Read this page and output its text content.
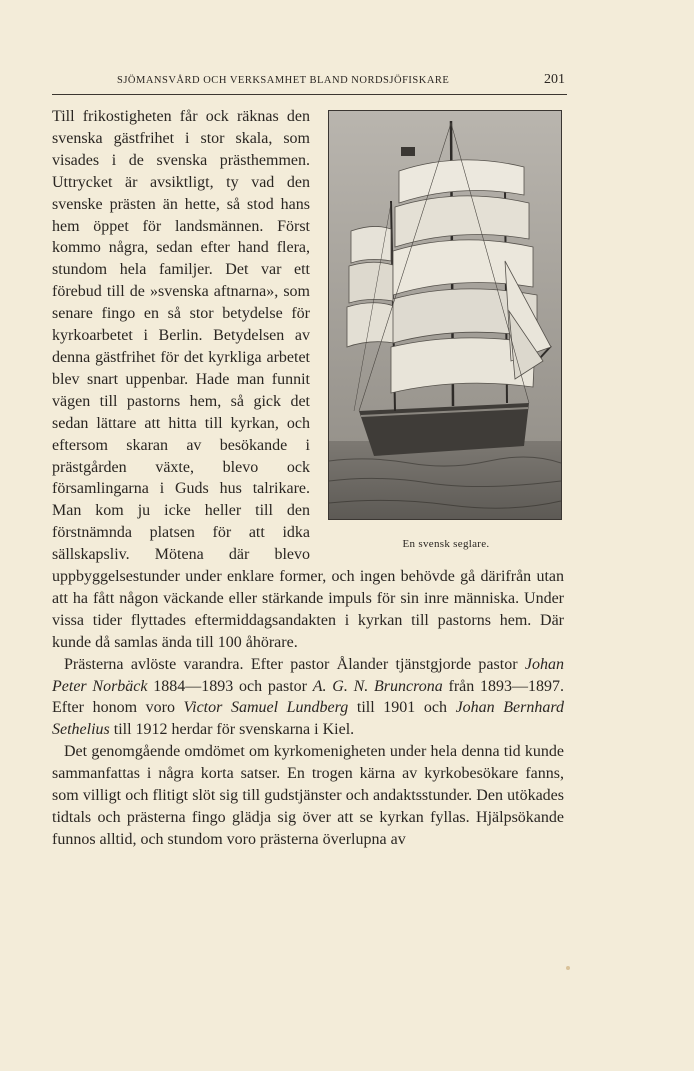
SJÖMANSVÅRD OCH VERKSAMHET BLAND NORDSJÖFISKARE	201
En svensk seglare.

Till frikostigheten får ock räknas den svenska gästfrihet i stor skala, som visades i de svenska prästhemmen. Uttrycket är avsiktligt, ty vad den svenske prästen än hette, så stod hans hem öppet för landsmännen. Först kommo några, sedan efter hand flera, stundom hela familjer. Det var ett förebud till de »svenska aftnarna», som senare fingo en så stor betydelse för kyrkoarbetet i Berlin. Betydelsen av denna gästfrihet för det kyrkliga arbetet blev snart uppenbar. Hade man funnit vägen till pastorns hem, så gick det sedan lättare att hitta till kyrkan, och eftersom skaran av besökande i prästgården växte, blevo ock församlingarna i Guds hus talrikare. Man kom ju icke heller till den förstnämnda platsen för att idka sällskapsliv. Mötena där blevo uppbyggelsestunder under enklare former, och ingen behövde gå därifrån utan att ha fått någon väckande eller stärkande impuls för sin inre människa. Under vissa tider flyttades eftermiddagsandakten i kyrkan till pastorns hem. Där kunde då samlas ända till 100 åhörare.

Prästerna avlöste varandra. Efter pastor Ålander tjänstgjorde pastor Johan Peter Norbäck 1884—1893 och pastor A. G. N. Bruncrona från 1893—1897. Efter honom voro Victor Samuel Lundberg till 1901 och Johan Bernhard Sethelius till 1912 herdar för svenskarna i Kiel.

Det genomgående omdömet om kyrkomenigheten under hela denna tid kunde sammanfattas i några korta satser. En trogen kärna av kyrkobesökare fanns, som villigt och flitigt slöt sig till gudstjänster och andaktsstunder. Den utökades tidtals och prästerna fingo glädja sig över att se kyrkan fyllas. Hjälpsökande funnos alltid, och stundom voro prästerna överlupna av
